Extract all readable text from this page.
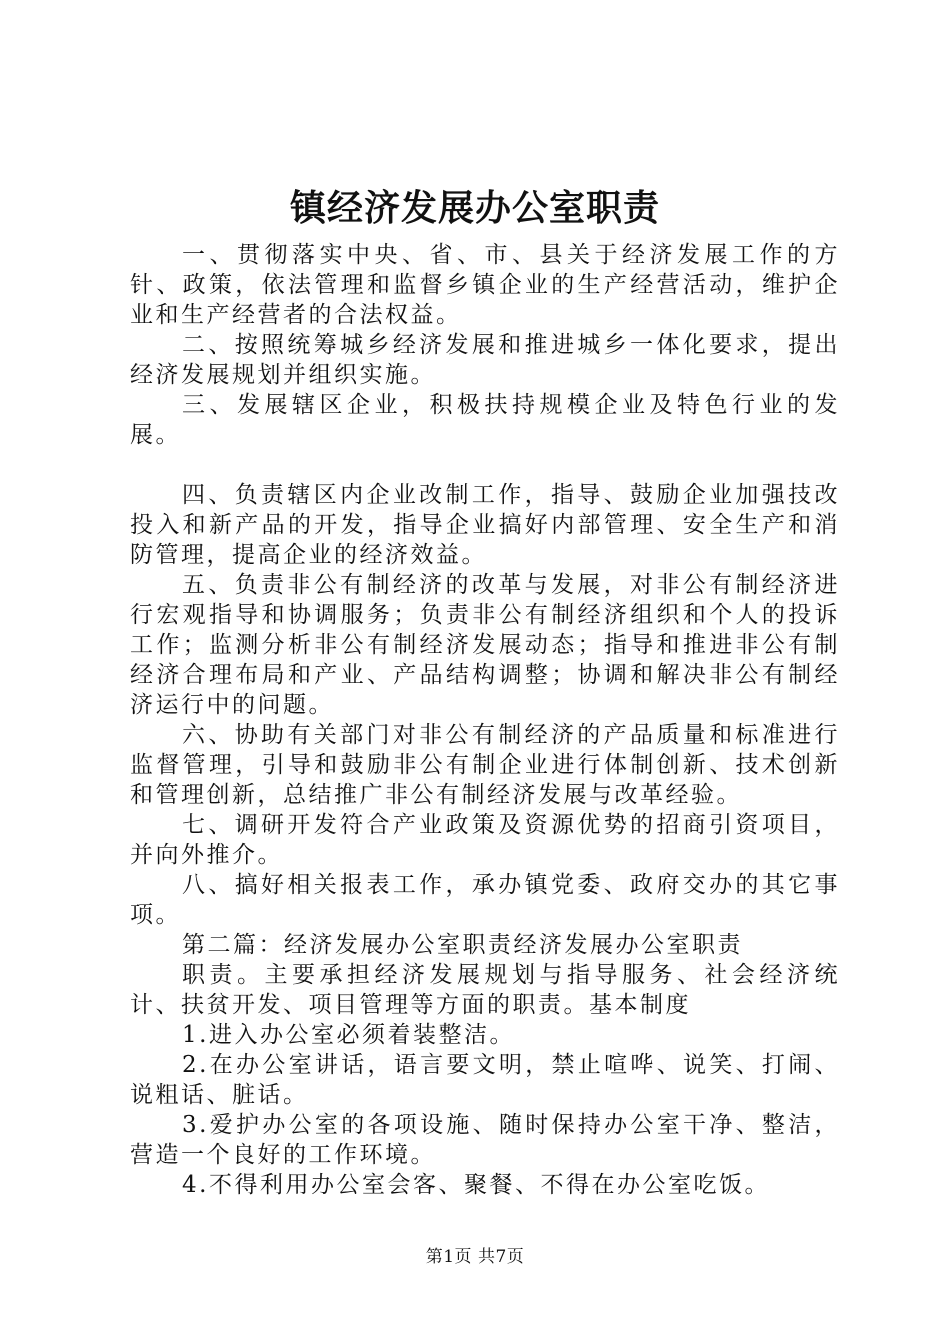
镇经济发展办公室职责

一、贯彻落实中央、省、市、县关于经济发展工作的方针、政策，依法管理和监督乡镇企业的生产经营活动，维护企业和生产经营者的合法权益。

二、按照统筹城乡经济发展和推进城乡一体化要求，提出经济发展规划并组织实施。

三、发展辖区企业，积极扶持规模企业及特色行业的发展。

四、负责辖区内企业改制工作，指导、鼓励企业加强技改投入和新产品的开发，指导企业搞好内部管理、安全生产和消防管理，提高企业的经济效益。

五、负责非公有制经济的改革与发展，对非公有制经济进行宏观指导和协调服务；负责非公有制经济组织和个人的投诉工作；监测分析非公有制经济发展动态；指导和推进非公有制经济合理布局和产业、产品结构调整；协调和解决非公有制经济运行中的问题。

六、协助有关部门对非公有制经济的产品质量和标准进行监督管理，引导和鼓励非公有制企业进行体制创新、技术创新和管理创新，总结推广非公有制经济发展与改革经验。

七、调研开发符合产业政策及资源优势的招商引资项目，并向外推介。

八、搞好相关报表工作，承办镇党委、政府交办的其它事项。

第二篇：经济发展办公室职责经济发展办公室职责

职责。主要承担经济发展规划与指导服务、社会经济统计、扶贫开发、项目管理等方面的职责。基本制度

1.进入办公室必须着装整洁。

2.在办公室讲话，语言要文明，禁止喧哗、说笑、打闹、说粗话、脏话。

3.爱护办公室的各项设施、随时保持办公室干净、整洁，营造一个良好的工作环境。

4.不得利用办公室会客、聚餐、不得在办公室吃饭。

第1页 共7页
